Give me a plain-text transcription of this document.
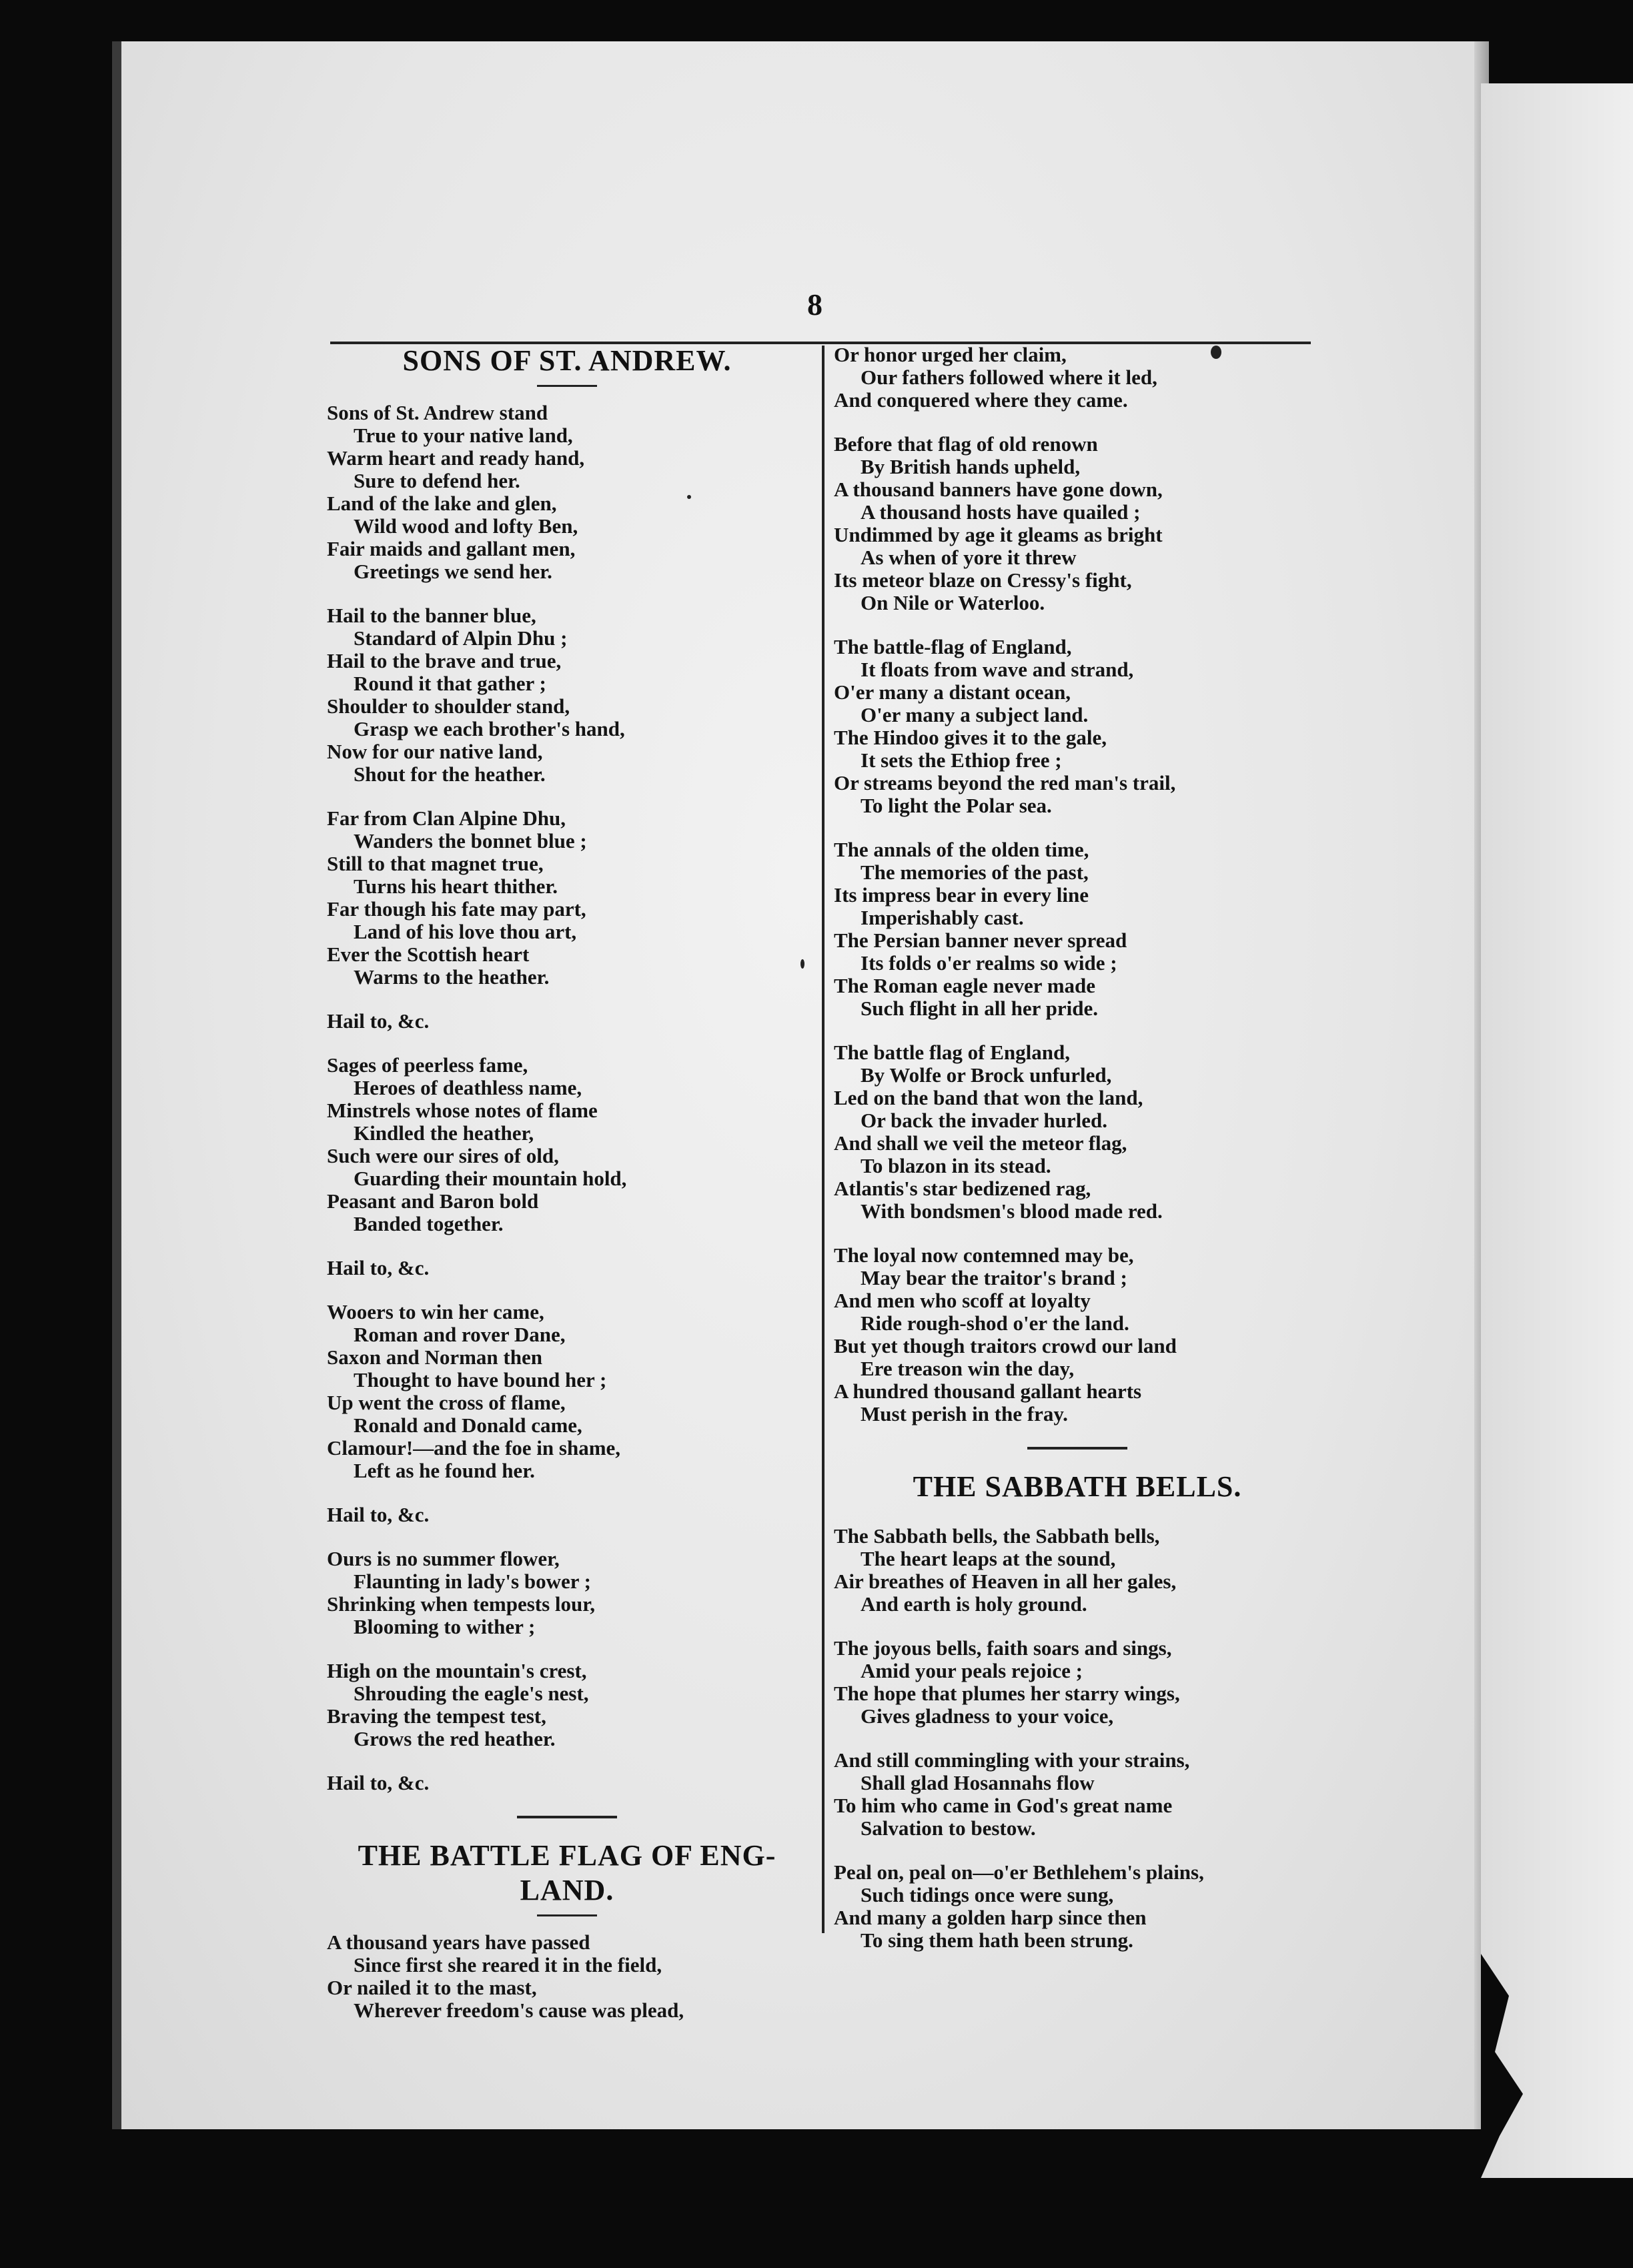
8
SONS OF ST. ANDREW.
Sons of St. Andrew stand
True to your native land,
Warm heart and ready hand,
Sure to defend her.
Land of the lake and glen,
Wild wood and lofty Ben,
Fair maids and gallant men,
Greetings we send her.
Hail to the banner blue,
Standard of Alpin Dhu ;
Hail to the brave and true,
Round it that gather ;
Shoulder to shoulder stand,
Grasp we each brother's hand,
Now for our native land,
Shout for the heather.
Far from Clan Alpine Dhu,
Wanders the bonnet blue ;
Still to that magnet true,
Turns his heart thither.
Far though his fate may part,
Land of his love thou art,
Ever the Scottish heart
Warms to the heather.
Hail to, &c.
Sages of peerless fame,
Heroes of deathless name,
Minstrels whose notes of flame
Kindled the heather,
Such were our sires of old,
Guarding their mountain hold,
Peasant and Baron bold
Banded together.
Hail to, &c.
Wooers to win her came,
Roman and rover Dane,
Saxon and Norman then
Thought to have bound her ;
Up went the cross of flame,
Ronald and Donald came,
Clamour!—and the foe in shame,
Left as he found her.
Hail to, &c.
Ours is no summer flower,
Flaunting in lady's bower ;
Shrinking when tempests lour,
Blooming to wither ;
High on the mountain's crest,
Shrouding the eagle's nest,
Braving the tempest test,
Grows the red heather.
Hail to, &c.
THE BATTLE FLAG OF ENG-
LAND.
A thousand years have passed
Since first she reared it in the field,
Or nailed it to the mast,
Wherever freedom's cause was plead,
Or honor urged her claim,
Our fathers followed where it led,
And conquered where they came.
Before that flag of old renown
By British hands upheld,
A thousand banners have gone down,
A thousand hosts have quailed ;
Undimmed by age it gleams as bright
As when of yore it threw
Its meteor blaze on Cressy's fight,
On Nile or Waterloo.
The battle-flag of England,
It floats from wave and strand,
O'er many a distant ocean,
O'er many a subject land.
The Hindoo gives it to the gale,
It sets the Ethiop free ;
Or streams beyond the red man's trail,
To light the Polar sea.
The annals of the olden time,
The memories of the past,
Its impress bear in every line
Imperishably cast.
The Persian banner never spread
Its folds o'er realms so wide ;
The Roman eagle never made
Such flight in all her pride.
The battle flag of England,
By Wolfe or Brock unfurled,
Led on the band that won the land,
Or back the invader hurled.
And shall we veil the meteor flag,
To blazon in its stead.
Atlantis's star bedizened rag,
With bondsmen's blood made red.
The loyal now contemned may be,
May bear the traitor's brand ;
And men who scoff at loyalty
Ride rough-shod o'er the land.
But yet though traitors crowd our land
Ere treason win the day,
A hundred thousand gallant hearts
Must perish in the fray.
THE SABBATH BELLS.
The Sabbath bells, the Sabbath bells,
The heart leaps at the sound,
Air breathes of Heaven in all her gales,
And earth is holy ground.
The joyous bells, faith soars and sings,
Amid your peals rejoice ;
The hope that plumes her starry wings,
Gives gladness to your voice,
And still commingling with your strains,
Shall glad Hosannahs flow
To him who came in God's great name
Salvation to bestow.
Peal on, peal on—o'er Bethlehem's plains,
Such tidings once were sung,
And many a golden harp since then
To sing them hath been strung.
